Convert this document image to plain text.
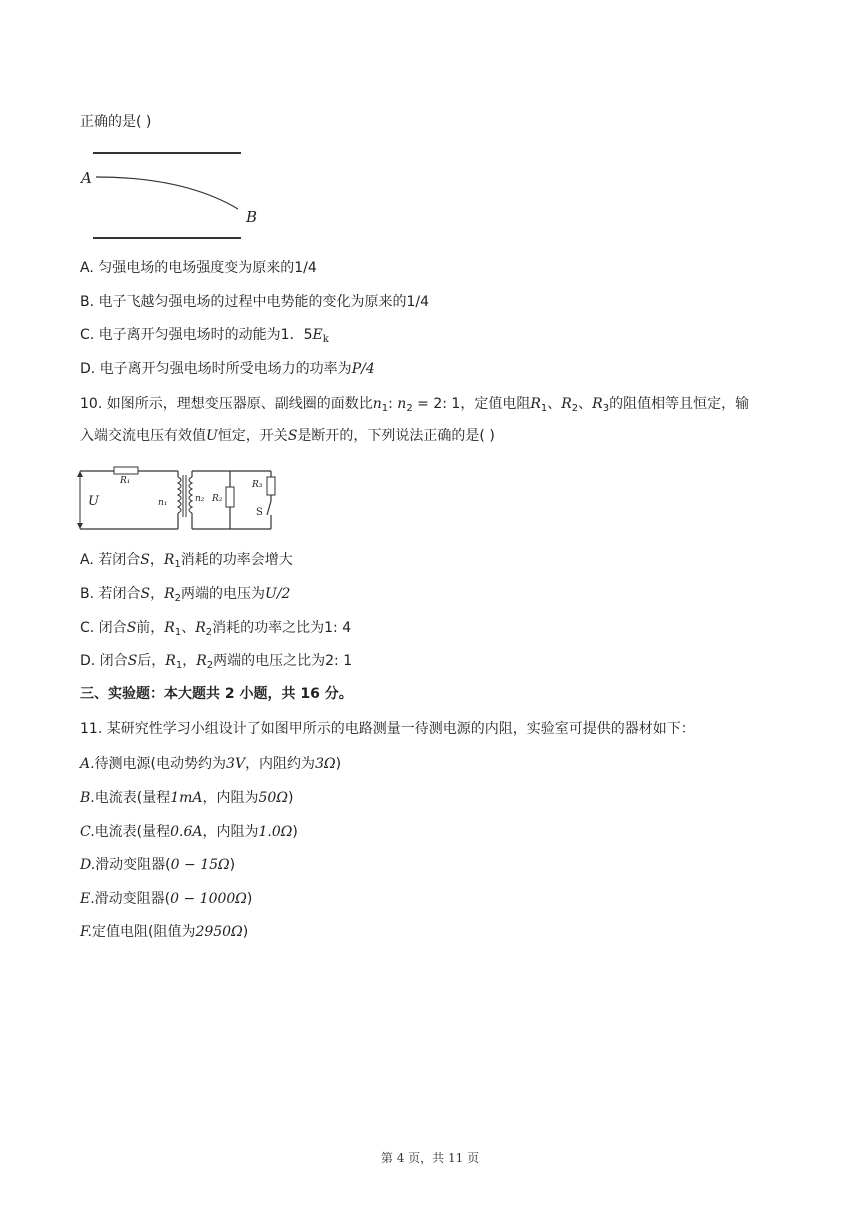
正确的是( )
A
B
A. 匀强电场的电场强度变为原来的1/4
B. 电子飞越匀强电场的过程中电势能的变化为原来的1/4
C. 电子离开匀强电场时的动能为1．$5E_k$
D. 电子离开匀强电场时所受电场力的功率为P/4
10. 如图所示，理想变压器原、副线圈的面数比$n_1$: $n_2 = 2$: 1，定值电阻$R_1$、$R_2$、$R_3$的阻值相等且恒定，输
入端交流电压有效值U恒定，开关S是断开的，下列说法正确的是( )
R₁
U	n₁	n₂ R₂
R₃
S
A. 若闭合S，$R_1$消耗的功率会增大
B. 若闭合S，$R_2$两端的电压为U/2
C. 闭合S前，$R_1$、$R_2$消耗的功率之比为1: 4
D. 闭合S后，$R_1$，$R_2$两端的电压之比为2: 1
三、实验题：本大题共 2 小题，共 16 分。
11. 某研究性学习小组设计了如图甲所示的电路测量一待测电源的内阻，实验室可提供的器材如下：
A.待测电源(电动势约为3V，内阻约为3Ω)
B.电流表(量程1mA，内阻为50Ω)
C.电流表(量程0.6A，内阻为1.0Ω)
D.滑动变阻器(0 − 15Ω)
E.滑动变阻器(0 − 1000Ω)
F.定值电阻(阻值为2950Ω)
第 4 页，共 11 页
